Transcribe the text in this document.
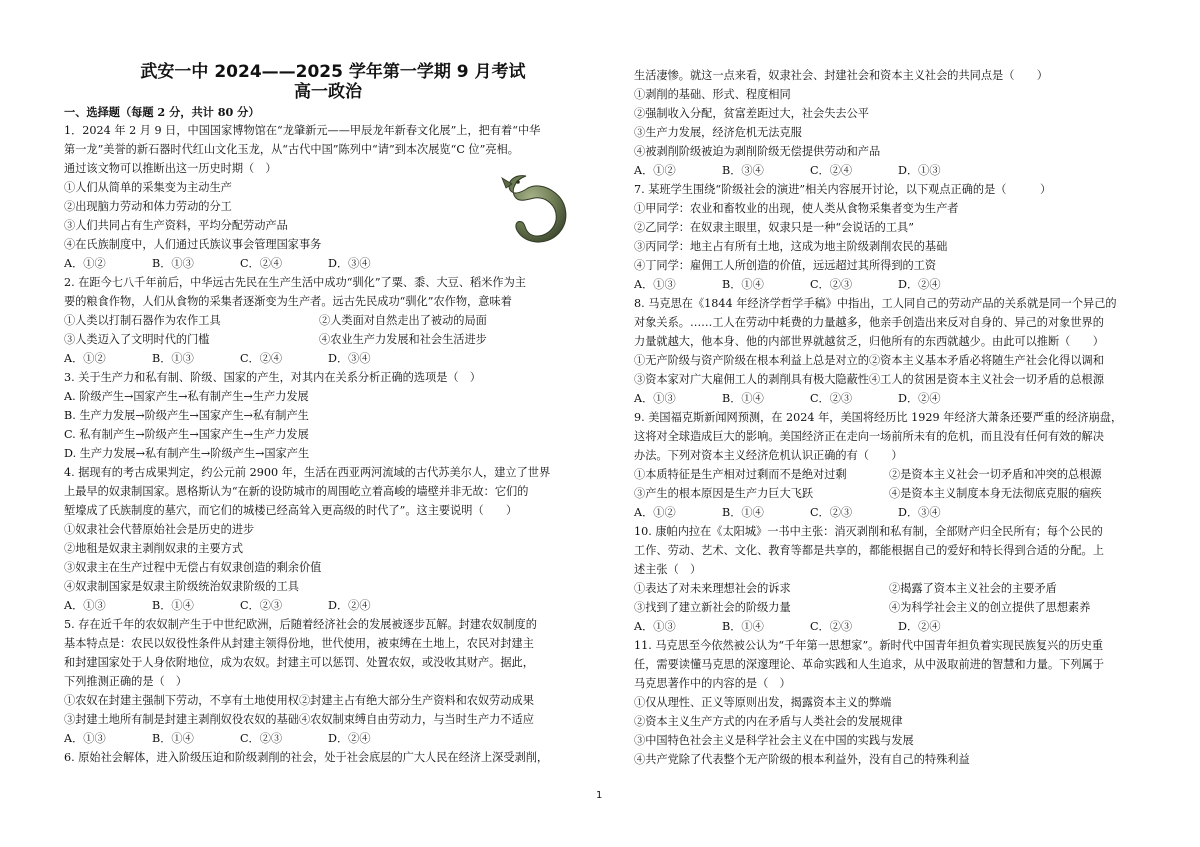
武安一中 2024——2025 学年第一学期 9 月考试
高一政治
一、选择题（每题 2 分，共计 80 分）
1．2024 年 2 月 9 日，中国国家博物馆在“龙肇新元——甲辰龙年新春文化展”上，把有着“中华
第一龙”美誉的新石器时代红山文化玉龙，从“古代中国”陈列中“请”到本次展览“C 位”亮相。
通过该文物可以推断出这一历史时期（　）
①人们从简单的采集变为主动生产
②出现脑力劳动和体力劳动的分工
③人们共同占有生产资料，平均分配劳动产品
④在氏族制度中，人们通过氏族议事会管理国家事务
A．①②	B．①③	C．②④	D．③④
2. 在距今七八千年前后，中华远古先民在生产生活中成功“驯化”了粟、黍、大豆、稻米作为主
要的粮食作物，人们从食物的采集者逐渐变为生产者。远古先民成功“驯化”农作物，意味着
①人类以打制石器作为农作工具	②人类面对自然走出了被动的局面
③人类迈入了文明时代的门槛	④农业生产力发展和社会生活进步
A．①②	B．①③	C．②④	D．③④
3. 关于生产力和私有制、阶级、国家的产生，对其内在关系分析正确的选项是（　）
A. 阶级产生→国家产生→私有制产生→生产力发展
B. 生产力发展→阶级产生→国家产生→私有制产生
C. 私有制产生→阶级产生→国家产生→生产力发展
D. 生产力发展→私有制产生→阶级产生→国家产生
4. 据现有的考古成果判定，约公元前 2900 年，生活在西亚两河流域的古代苏美尔人，建立了世界
上最早的奴隶制国家。恩格斯认为“在新的设防城市的周围屹立着高峻的墙壁并非无故：它们的
堑壕成了氏族制度的墓穴，而它们的城楼已经高耸入更高级的时代了”。这主要说明（　　）
①奴隶社会代替原始社会是历史的进步
②地租是奴隶主剥削奴隶的主要方式
③奴隶主在生产过程中无偿占有奴隶创造的剩余价值
④奴隶制国家是奴隶主阶级统治奴隶阶级的工具
A．①③	B．①④	C．②③	D．②④
5. 存在近千年的农奴制产生于中世纪欧洲，后随着经济社会的发展被逐步瓦解。封建农奴制度的
基本特点是：农民以奴役性条件从封建主领得份地，世代使用，被束缚在土地上，农民对封建主
和封建国家处于人身依附地位，成为农奴。封建主可以惩罚、处置农奴，或没收其财产。据此，
下列推测正确的是（　）
①农奴在封建主强制下劳动，不享有土地使用权②封建主占有绝大部分生产资料和农奴劳动成果
③封建土地所有制是封建主剥削奴役农奴的基础④农奴制束缚自由劳动力，与当时生产力不适应
A．①③	B．①④	C．②③	D．②④
6. 原始社会解体，进入阶级压迫和阶级剥削的社会，处于社会底层的广大人民在经济上深受剥削，
生活凄惨。就这一点来看，奴隶社会、封建社会和资本主义社会的共同点是（　　）
①剥削的基础、形式、程度相同
②强制收入分配，贫富差距过大，社会失去公平
③生产力发展，经济危机无法克服
④被剥削阶级被迫为剥削阶级无偿提供劳动和产品
A．①②	B．③④	C．②④	D．①③
7. 某班学生围绕“阶级社会的演进”相关内容展开讨论，以下观点正确的是（　　　）
①甲同学：农业和畜牧业的出现，使人类从食物采集者变为生产者
②乙同学：在奴隶主眼里，奴隶只是一种“会说话的工具”
③丙同学：地主占有所有土地，这成为地主阶级剥削农民的基础
④丁同学：雇佣工人所创造的价值，远远超过其所得到的工资
A．①③	B．①④	C．②③	D．②④
8. 马克思在《1844 年经济学哲学手稿》中指出，工人同自己的劳动产品的关系就是同一个异己的
对象关系。……工人在劳动中耗费的力量越多，他亲手创造出来反对自身的、异己的对象世界的
力量就越大，他本身、他的内部世界就越贫乏，归他所有的东西就越少。由此可以推断（　　）
①无产阶级与资产阶级在根本利益上总是对立的②资本主义基本矛盾必将随生产社会化得以调和
③资本家对广大雇佣工人的剥削具有极大隐蔽性④工人的贫困是资本主义社会一切矛盾的总根源
A．①③	B．①④	C．②③	D．②④
9. 美国福克斯新闻网预测，在 2024 年，美国将经历比 1929 年经济大萧条还要严重的经济崩盘，
这将对全球造成巨大的影响。美国经济正在走向一场前所未有的危机，而且没有任何有效的解决
办法。下列对资本主义经济危机认识正确的有（　　）
①本质特征是生产相对过剩而不是绝对过剩	②是资本主义社会一切矛盾和冲突的总根源
③产生的根本原因是生产力巨大飞跃	④是资本主义制度本身无法彻底克服的痼疾
A．①②	B．①④	C．②③	D．③④
10. 康帕内拉在《太阳城》一书中主张：消灭剥削和私有制，全部财产归全民所有；每个公民的
工作、劳动、艺术、文化、教育等都是共享的，都能根据自己的爱好和特长得到合适的分配。上
述主张（　）
①表达了对未来理想社会的诉求	②揭露了资本主义社会的主要矛盾
③找到了建立新社会的阶级力量	④为科学社会主义的创立提供了思想素养
A．①③	B．①④	C．②③	D．②④
11. 马克思至今依然被公认为“千年第一思想家”。新时代中国青年担负着实现民族复兴的历史重
任，需要读懂马克思的深邃理论、革命实践和人生追求，从中汲取前进的智慧和力量。下列属于
马克思著作中的内容的是（　）
①仅从理性、正义等原则出发，揭露资本主义的弊端
②资本主义生产方式的内在矛盾与人类社会的发展规律
③中国特色社会主义是科学社会主义在中国的实践与发展
④共产党除了代表整个无产阶级的根本利益外，没有自己的特殊利益
1
